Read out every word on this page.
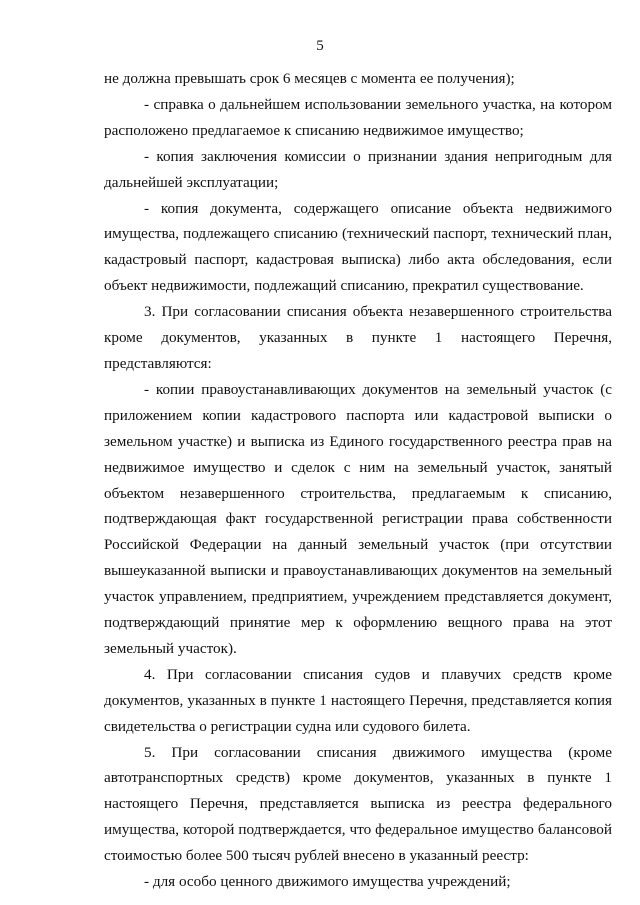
5

не должна превышать срок 6 месяцев с момента ее получения);

- справка о дальнейшем использовании земельного участка, на котором расположено предлагаемое к списанию недвижимое имущество;

- копия заключения комиссии о признании здания непригодным для дальнейшей эксплуатации;

- копия документа, содержащего описание объекта недвижимого имущества, подлежащего списанию (технический паспорт, технический план, кадастровый паспорт, кадастровая выписка) либо акта обследования, если объект недвижимости, подлежащий списанию, прекратил существование.

3. При согласовании списания объекта незавершенного строительства кроме документов, указанных в пункте 1 настоящего Перечня, представляются:

- копии правоустанавливающих документов на земельный участок (с приложением копии кадастрового паспорта или кадастровой выписки о земельном участке) и выписка из Единого государственного реестра прав на недвижимое имущество и сделок с ним на земельный участок, занятый объектом незавершенного строительства, предлагаемым к списанию, подтверждающая факт государственной регистрации права собственности Российской Федерации на данный земельный участок (при отсутствии вышеуказанной выписки и правоустанавливающих документов на земельный участок управлением, предприятием, учреждением представляется документ, подтверждающий принятие мер к оформлению вещного права на этот земельный участок).

4. При согласовании списания судов и плавучих средств кроме документов, указанных в пункте 1 настоящего Перечня, представляется копия свидетельства о регистрации судна или судового билета.

5. При согласовании списания движимого имущества (кроме автотранспортных средств) кроме документов, указанных в пункте 1 настоящего Перечня, представляется выписка из реестра федерального имущества, которой подтверждается, что федеральное имущество балансовой стоимостью более 500 тысяч рублей внесено в указанный реестр:

- для особо ценного движимого имущества учреждений;
